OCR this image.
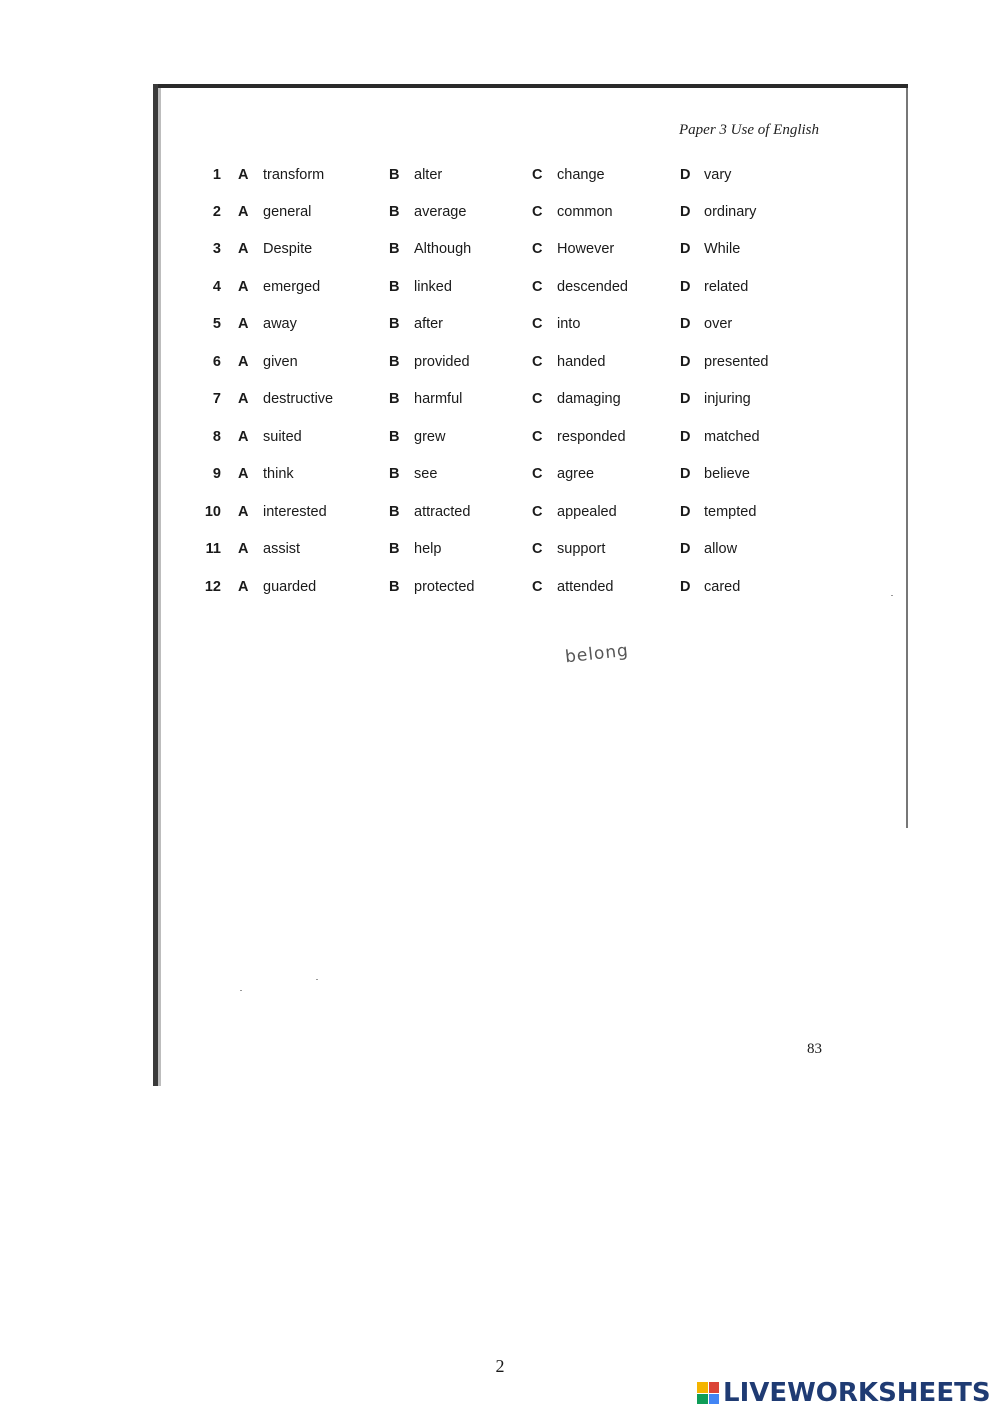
Paper 3 Use of English
1 A transform	B alter	C change	D vary
2 A general	B average	C common	D ordinary
3 A Despite	B Although	C However	D While
4 A emerged	B linked	C descended	D related
5 A away	B after	C into	D over
6 A given	B provided	C handed	D presented
7 A destructive	B harmful	C damaging	D injuring
8 A suited	B grew	C responded	D matched
9 A think	B see	C agree	D believe
10 A interested	B attracted	C appealed	D tempted
11 A assist	B help	C support	D allow
12 A guarded	B protected	C attended	D cared
belong
83
2
LIVEWORKSHEETS
